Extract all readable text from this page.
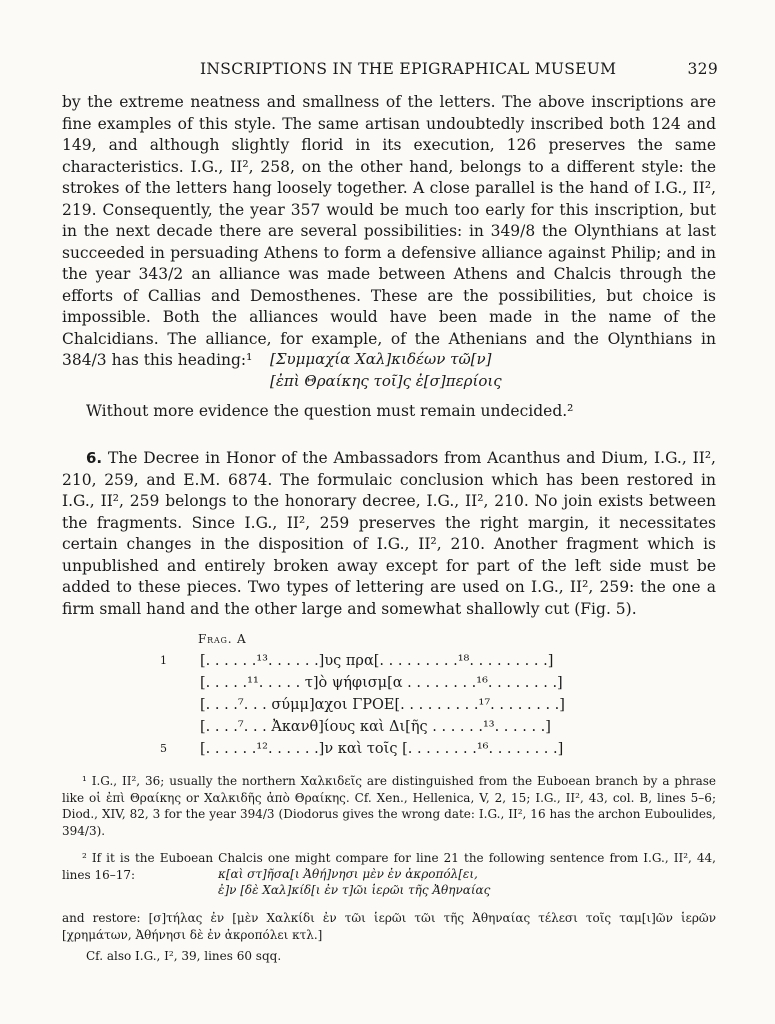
INSCRIPTIONS IN THE EPIGRAPHICAL MUSEUM	329
by the extreme neatness and smallness of the letters. The above inscriptions are fine examples of this style. The same artisan undoubtedly inscribed both 124 and 149, and although slightly florid in its execution, 126 preserves the same characteristics. I.G., II², 258, on the other hand, belongs to a different style: the strokes of the letters hang loosely together. A close parallel is the hand of I.G., II², 219. Consequently, the year 357 would be much too early for this inscription, but in the next decade there are several possibilities: in 349/8 the Olynthians at last succeeded in persuading Athens to form a defensive alliance against Philip; and in the year 343/2 an alliance was made between Athens and Chalcis through the efforts of Callias and Demosthenes. These are the possibilities, but choice is impossible. Both the alliances would have been made in the name of the Chalcidians. The alliance, for example, of the Athenians and the Olynthians in 384/3 has this heading:¹	[Συμμαχία Χαλ]κιδέων τῶ[ν]
[ἐπὶ Θραίκης τοῖ]ς ἐ[σ]περίοις
Without more evidence the question must remain undecided.²
6. The Decree in Honor of the Ambassadors from Acanthus and Dium, I.G., II², 210, 259, and E.M. 6874. The formulaic conclusion which has been restored in I.G., II², 259 belongs to the honorary decree, I.G., II², 210. No join exists between the fragments. Since I.G., II², 259 preserves the right margin, it necessitates certain changes in the disposition of I.G., II², 210. Another fragment which is unpublished and entirely broken away except for part of the left side must be added to these pieces. Two types of lettering are used on I.G., II², 259: the one a firm small hand and the other large and somewhat shallowly cut (Fig. 5).
Frag. A
1	[. . . . . .¹³. . . . . .]υς πρα[. . . . . . . . .¹⁸. . . . . . . . .]
[. . . . .¹¹. . . . . τ]ὸ ψήφισμ[α . . . . . . . .¹⁶. . . . . . . .]
[. . . .⁷. . . σύμμ]αχοι ΓΡΟΕ[. . . . . . . . .¹⁷. . . . . . . .]
[. . . .⁷. . . Ἀκανθ]ίους καὶ Δι[ῆς . . . . . .¹³. . . . . .]
5	[. . . . . .¹². . . . . .]ν καὶ τοῖς [. . . . . . . .¹⁶. . . . . . . .]
¹ I.G., II², 36; usually the northern Χαλκιδεῖς are distinguished from the Euboean branch by a phrase like οἱ ἐπὶ Θραίκης or Χαλκιδῆς ἀπὸ Θραίκης. Cf. Xen., Hellenica, V, 2, 15; I.G., II², 43, col. B, lines 5–6; Diod., XIV, 82, 3 for the year 394/3 (Diodorus gives the wrong date: I.G., II², 16 has the archon Euboulides, 394/3).
² If it is the Euboean Chalcis one might compare for line 21 the following sentence from I.G., II², 44, lines 16–17:	κ[αὶ στ]ῆσα[ι Ἀθή]νησι μὲν ἐν ἀκροπόλ[ει,
ἐ]ν [δὲ Χαλ]κίδ[ι ἐν τ]ῶι ἱερῶι τῆς Ἀθηναίας
and restore: [σ]τήλας ἐν [μὲν Χαλκίδι ἐν τῶι ἱερῶι τῶι τῆς Ἀθηναίας τέλεσι τοῖς ταμ[ι]ῶν ἱερῶν [χρημάτων, Ἀθήνησι δὲ ἐν ἀκροπόλει κτλ.]
Cf. also I.G., I², 39, lines 60 sqq.
